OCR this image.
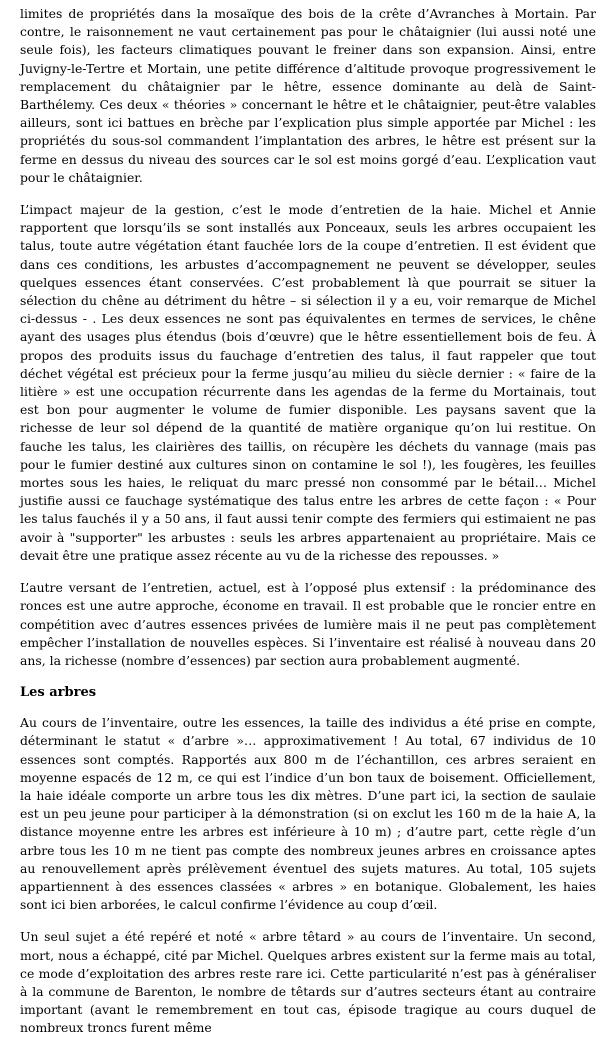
limites de propriétés dans la mosaïque des bois de la crête d’Avranches à Mortain. Par contre, le raisonnement ne vaut certainement pas pour le châtaignier (lui aussi noté une seule fois), les facteurs climatiques pouvant le freiner dans son expansion. Ainsi, entre Juvigny-le-Tertre et Mortain, une petite différence d’altitude provoque progressivement le remplacement du châtaignier par le hêtre, essence dominante au delà de Saint-Barthélemy. Ces deux « théories » concernant le hêtre et le châtaignier, peut-être valables ailleurs, sont ici battues en brèche par l’explication plus simple apportée par Michel : les propriétés du sous-sol commandent l’implantation des arbres, le hêtre est présent sur la ferme en dessus du niveau des sources car le sol est moins gorgé d’eau. L’explication vaut pour le châtaignier.

L’impact majeur de la gestion, c’est le mode d’entretien de la haie. Michel et Annie rapportent que lorsqu’ils se sont installés aux Ponceaux, seuls les arbres occupaient les talus, toute autre végétation étant fauchée lors de la coupe d’entretien. Il est évident que dans ces conditions, les arbustes d’accompagnement ne peuvent se développer, seules quelques essences étant conservées. C’est probablement là que pourrait se situer la sélection du chêne au détriment du hêtre – si sélection il y a eu, voir remarque de Michel ci-dessus - . Les deux essences ne sont pas équivalentes en termes de services, le chêne ayant des usages plus étendus (bois d’œuvre) que le hêtre essentiellement bois de feu. À propos des produits issus du fauchage d’entretien des talus, il faut rappeler que tout déchet végétal est précieux pour la ferme jusqu’au milieu du siècle dernier : « faire de la litière » est une occupation récurrente dans les agendas de la ferme du Mortainais, tout est bon pour augmenter le volume de fumier disponible. Les paysans savent que la richesse de leur sol dépend de la quantité de matière organique qu’on lui restitue. On fauche les talus, les clairières des taillis, on récupère les déchets du vannage (mais pas pour le fumier destiné aux cultures sinon on contamine le sol !), les fougères, les feuilles mortes sous les haies, le reliquat du marc pressé non consommé par le bétail… Michel justifie aussi ce fauchage systématique des talus entre les arbres de cette façon : « Pour les talus fauchés il y a 50 ans, il faut aussi tenir compte des fermiers qui estimaient ne pas avoir à "supporter" les arbustes : seuls les arbres appartenaient au propriétaire. Mais ce devait être une pratique assez récente au vu de la richesse des repousses. »

L’autre versant de l’entretien, actuel, est à l’opposé plus extensif : la prédominance des ronces est une autre approche, économe en travail. Il est probable que le roncier entre en compétition avec d’autres essences privées de lumière mais il ne peut pas complètement empêcher l’installation de nouvelles espèces. Si l’inventaire est réalisé à nouveau dans 20 ans, la richesse (nombre d’essences) par section aura probablement augmenté.

Les arbres

Au cours de l’inventaire, outre les essences, la taille des individus a été prise en compte, déterminant le statut « d’arbre »… approximativement ! Au total, 67 individus de 10 essences sont comptés. Rapportés aux 800 m de l’échantillon, ces arbres seraient en moyenne espacés de 12 m, ce qui est l’indice d’un bon taux de boisement. Officiellement, la haie idéale comporte un arbre tous les dix mètres. D’une part ici, la section de saulaie est un peu jeune pour participer à la démonstration (si on exclut les 160 m de la haie A, la distance moyenne entre les arbres est inférieure à 10 m) ; d’autre part, cette règle d’un arbre tous les 10 m ne tient pas compte des nombreux jeunes arbres en croissance aptes au renouvellement après prélèvement éventuel des sujets matures. Au total, 105 sujets appartiennent à des essences classées « arbres » en botanique. Globalement, les haies sont ici bien arborées, le calcul confirme l’évidence au coup d’œil.

Un seul sujet a été repéré et noté « arbre têtard » au cours de l’inventaire. Un second, mort, nous a échappé, cité par Michel. Quelques arbres existent sur la ferme mais au total, ce mode d’exploitation des arbres reste rare ici. Cette particularité n’est pas à généraliser à la commune de Barenton, le nombre de têtards sur d’autres secteurs étant au contraire important (avant le remembrement en tout cas, épisode tragique au cours duquel de nombreux troncs furent même
